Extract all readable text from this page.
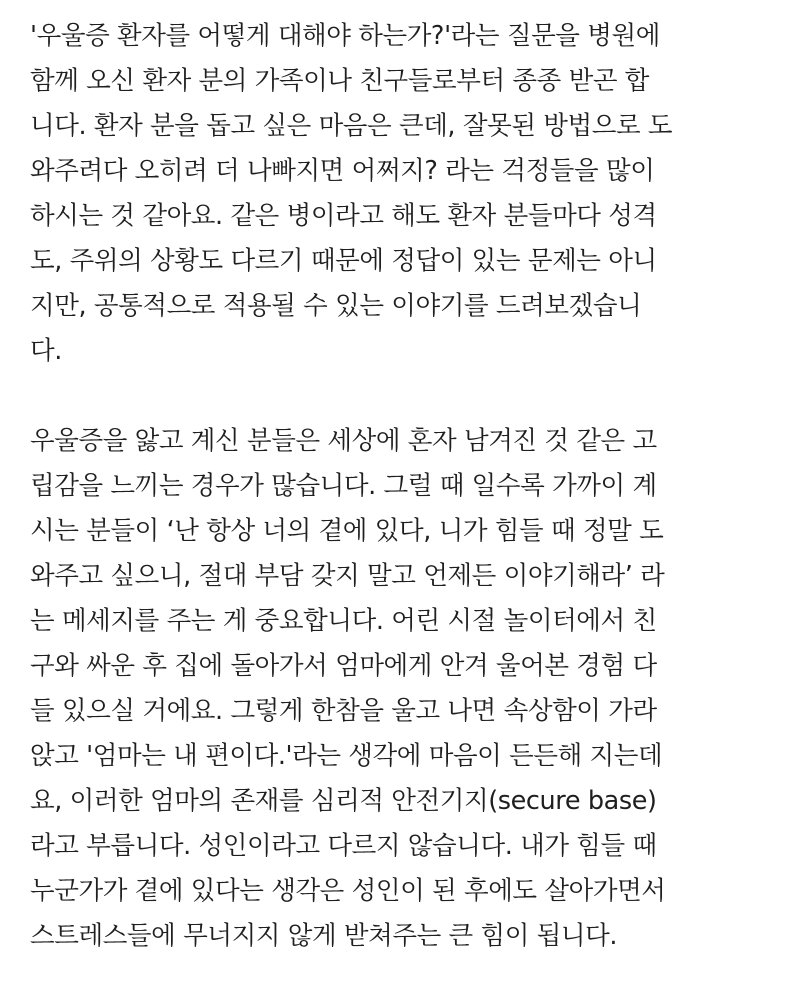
'우울증 환자를 어떻게 대해야 하는가?'라는 질문을 병원에
함께 오신 환자 분의 가족이나 친구들로부터 종종 받곤 합
니다. 환자 분을 돕고 싶은 마음은 큰데, 잘못된 방법으로 도
와주려다 오히려 더 나빠지면 어쩌지? 라는 걱정들을 많이
하시는 것 같아요. 같은 병이라고 해도 환자 분들마다 성격
도, 주위의 상황도 다르기 때문에 정답이 있는 문제는 아니
지만, 공통적으로 적용될 수 있는 이야기를 드려보겠습니
다.
우울증을 앓고 계신 분들은 세상에 혼자 남겨진 것 같은 고
립감을 느끼는 경우가 많습니다. 그럴 때 일수록 가까이 계
시는 분들이 ‘난 항상 너의 곁에 있다, 니가 힘들 때 정말 도
와주고 싶으니, 절대 부담 갖지 말고 언제든 이야기해라’ 라
는 메세지를 주는 게 중요합니다. 어린 시절 놀이터에서 친
구와 싸운 후 집에 돌아가서 엄마에게 안겨 울어본 경험 다
들 있으실 거에요. 그렇게 한참을 울고 나면 속상함이 가라
앉고 '엄마는 내 편이다.'라는 생각에 마음이 든든해 지는데
요, 이러한 엄마의 존재를 심리적 안전기지(secure base)
라고 부릅니다. 성인이라고 다르지 않습니다. 내가 힘들 때
누군가가 곁에 있다는 생각은 성인이 된 후에도 살아가면서
스트레스들에 무너지지 않게 받쳐주는 큰 힘이 됩니다.
